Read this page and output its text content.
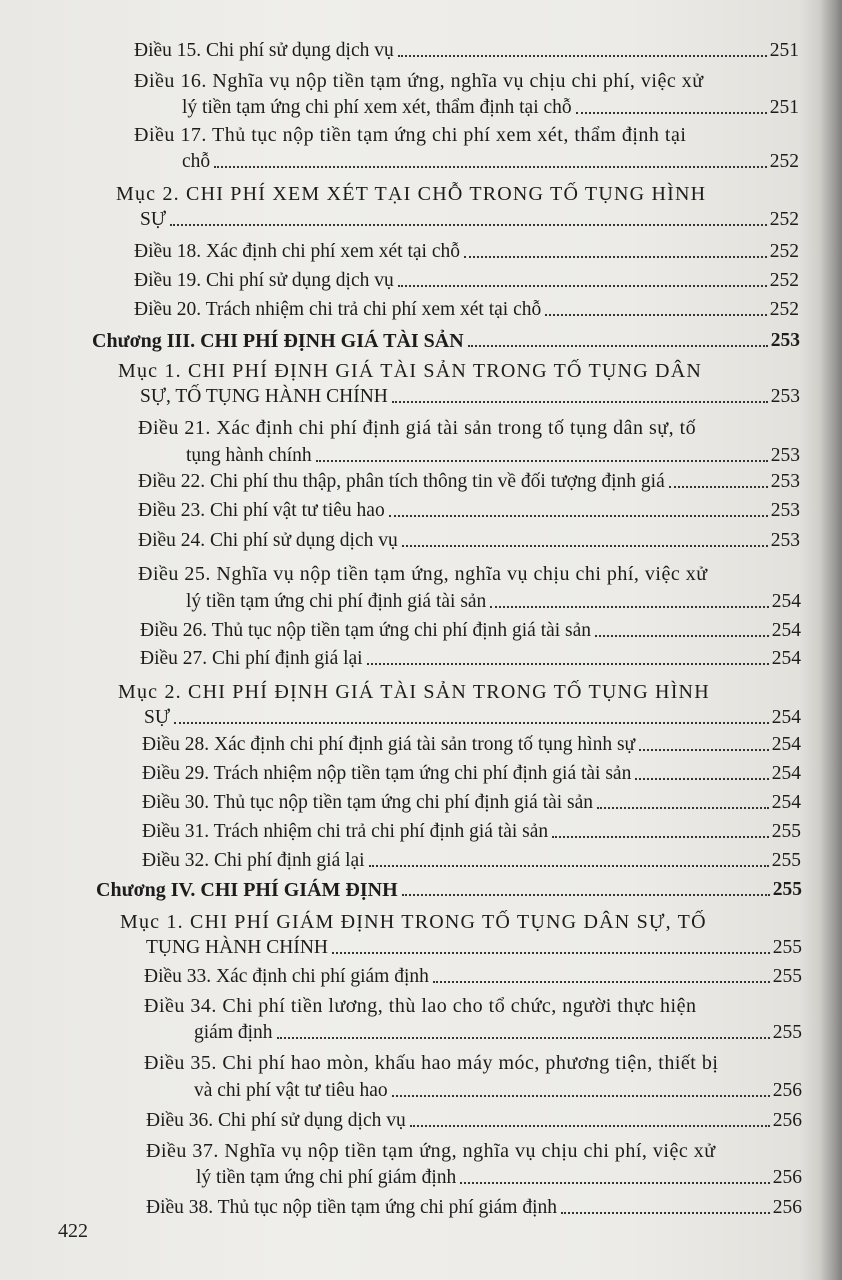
Điều 15. Chi phí sử dụng dịch vụ	251
Điều 16. Nghĩa vụ nộp tiền tạm ứng, nghĩa vụ chịu chi phí, việc xử
lý tiền tạm ứng chi phí xem xét, thẩm định tại chỗ	251
Điều 17. Thủ tục nộp tiền tạm ứng chi phí xem xét, thẩm định tại
chỗ	252
Mục 2. CHI PHÍ XEM XÉT TẠI CHỖ TRONG TỐ TỤNG HÌNH
SỰ	252
Điều 18. Xác định chi phí xem xét tại chỗ	252
Điều 19. Chi phí sử dụng dịch vụ	252
Điều 20. Trách nhiệm chi trả chi phí xem xét tại chỗ	252
Chương III. CHI PHÍ ĐỊNH GIÁ TÀI SẢN	253
Mục 1. CHI PHÍ ĐỊNH GIÁ TÀI SẢN TRONG TỐ TỤNG DÂN
SỰ, TỐ TỤNG HÀNH CHÍNH	253
Điều 21. Xác định chi phí định giá tài sản trong tố tụng dân sự, tố
tụng hành chính	253
Điều 22. Chi phí thu thập, phân tích thông tin về đối tượng định giá	253
Điều 23. Chi phí vật tư tiêu hao	253
Điều 24. Chi phí sử dụng dịch vụ	253
Điều 25. Nghĩa vụ nộp tiền tạm ứng, nghĩa vụ chịu chi phí, việc xử
lý tiền tạm ứng chi phí định giá tài sản	254
Điều 26. Thủ tục nộp tiền tạm ứng chi phí định giá tài sản	254
Điều 27. Chi phí định giá lại	254
Mục 2. CHI PHÍ ĐỊNH GIÁ TÀI SẢN TRONG TỐ TỤNG HÌNH
SỰ	254
Điều 28. Xác định chi phí định giá tài sản trong tố tụng hình sự	254
Điều 29. Trách nhiệm nộp tiền tạm ứng chi phí định giá tài sản	254
Điều 30. Thủ tục nộp tiền tạm ứng chi phí định giá tài sản	254
Điều 31. Trách nhiệm chi trả chi phí định giá tài sản	255
Điều 32. Chi phí định giá lại	255
Chương IV. CHI PHÍ GIÁM ĐỊNH	255
Mục 1. CHI PHÍ GIÁM ĐỊNH TRONG TỐ TỤNG DÂN SỰ, TỐ
TỤNG HÀNH CHÍNH	255
Điều 33. Xác định chi phí giám định	255
Điều 34. Chi phí tiền lương, thù lao cho tổ chức, người thực hiện
giám định	255
Điều 35. Chi phí hao mòn, khấu hao máy móc, phương tiện, thiết bị
và chi phí vật tư tiêu hao	256
Điều 36. Chi phí sử dụng dịch vụ	256
Điều 37. Nghĩa vụ nộp tiền tạm ứng, nghĩa vụ chịu chi phí, việc xử
lý tiền tạm ứng chi phí giám định	256
Điều 38. Thủ tục nộp tiền tạm ứng chi phí giám định	256
422
